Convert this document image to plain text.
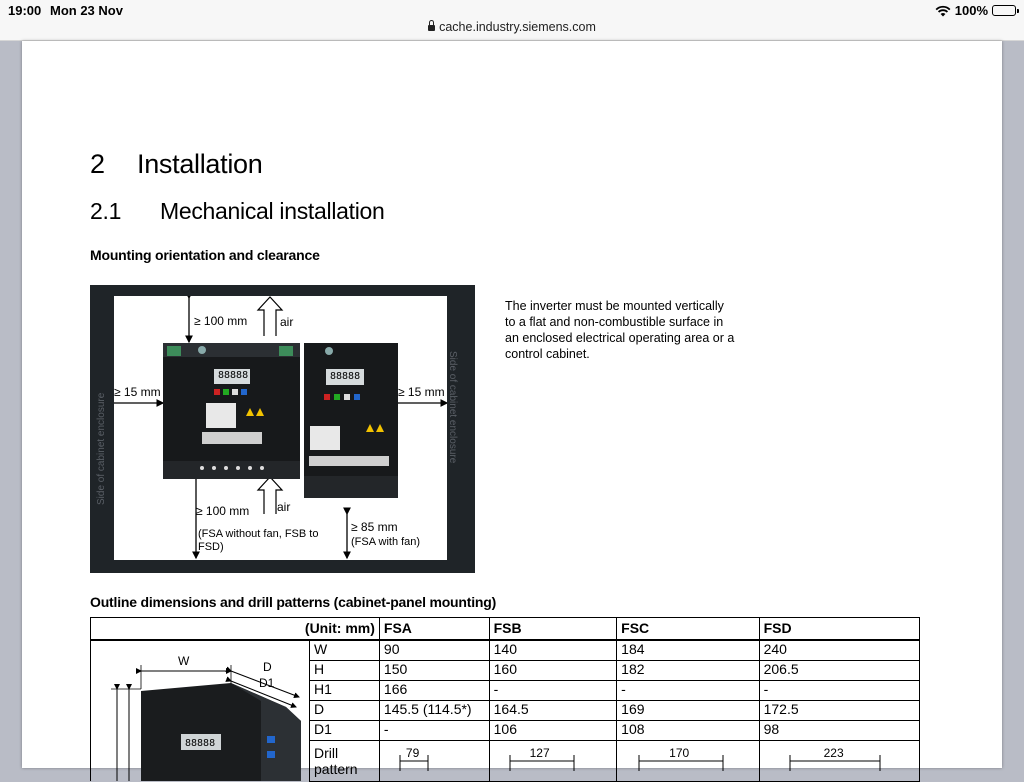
19:00 Mon 23 Nov	100%
cache.industry.siemens.com
2 Installation
2.1 Mechanical installation
Mounting orientation and clearance
Side of cabinet enclosure	Side of cabinet enclosure
88888	88888
≥ 100 mm	air
≥ 15 mm	≥ 15 mm
≥ 100 mm air
(FSA without fan, FSB to FSD)
≥ 85 mm
(FSA with fan)
The inverter must be mounted vertically to a flat and non-combustible surface in an enclosed electrical operating area or a control cabinet.
Outline dimensions and drill patterns (cabinet-panel mounting)
(Unit: mm)		FSA	FSB	FSC	FSD

W D
D1
88888	W	90	140	184	240
	H	150	160	182	206.5
	H1	166	-	-	-
	D	145.5 (114.5*)	164.5	169	172.5
	D1	-	106	108	98
	Drill pattern	79	127	170	223
